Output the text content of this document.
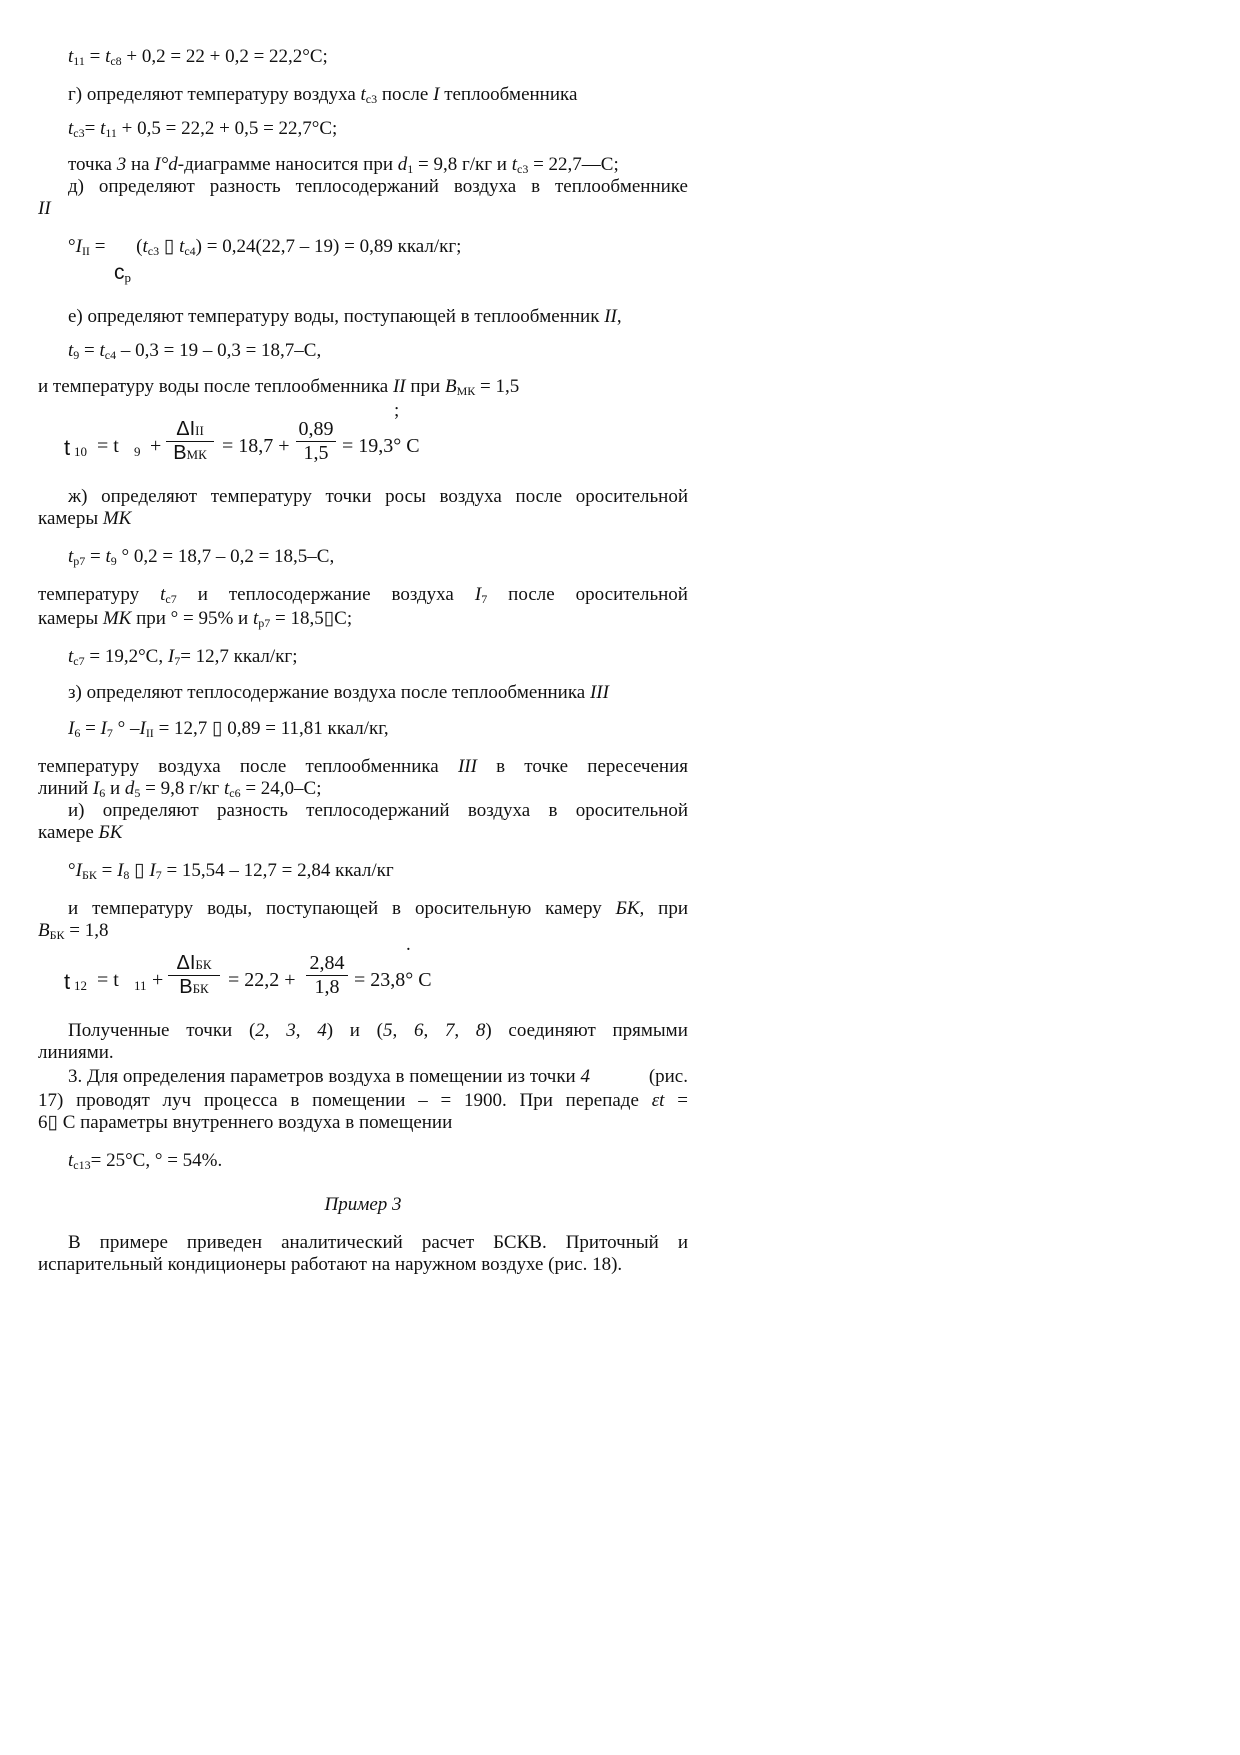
$t_{11} = t_{c8} + 0,2 = 22 + 0,2 = 22,2^\circ C$;
г) определяют температуру воздуха $t_{c3}$ после I теплообменника
$t_{c3}= t_{11} + 0,5 = 22,2 + 0,5 = 22,7^\circ C$;
точка 3 на I°d-диаграмме наносится при $d_1 = 9,8$ г/кг и $t_{c3}$ = 22,7—C;
д) определяют разность теплосодержаний воздуха в теплообменнике
II
$^\circ I_{II} = (t_{c3}$ ▯ $t_{c4}) = 0,24(22,7 - 19) = 0,89$ ккал/кг;
$c_p$
е) определяют температуру воды, поступающей в теплообменник II,
$t_9 = t_{c4} - 0,3 = 19 - 0,3 = 18,7-C$,
и температуру воды после теплообменника II при $B_{МК} = 1,5$
;
t 10 = t 9 +
ΔIII
BМК = 18,7 +
0,89
1,5 = 19,3° C
ж) определяют температуру точки росы воздуха после оросительной
камеры МК
$t_{р7} = t_9$ ° 0,2 = 18,7 – 0,2 = 18,5–C,
температуру $t_{c7}$ и теплосодержание воздуха $I_7$ после оросительной
камеры МК при ° = 95% и $t_{р7}$ = 18,5▯C;
$t_{c7} = 19,2^\circ C$, $I_7= 12,7$ ккал/кг;
з) определяют теплосодержание воздуха после теплообменника III
$I_6 = I_7$ ° $-I_{II} = 12,7$ ▯ 0,89 = 11,81 ккал/кг,
температуру воздуха после теплообменника III в точке пересечения
линий $I_6$ и $d_5 = 9,8$ г/кг $t_{c6} = 24,0-C$;
и) определяют разность теплосодержаний воздуха в оросительной
камере БК
$^\circ I_{БК} = I_8$ ▯ $I_7 = 15,54 - 12,7 = 2,84$ ккал/кг
и температуру воды, поступающей в оросительную камеру БК, при
$B_{БК} = 1,8$
.
t 12 = t 11 +
ΔIБК
BБК = 22,2 +
2,84
1,8 = 23,8° C
Полученные точки (2, 3, 4) и (5, 6, 7, 8) соединяют прямыми
линиями.
3. Для определения параметров воздуха в помещении из точки 4	(рис.
17) проводят луч процесса в помещении – = 1900. При перепаде εt =
6▯ C параметры внутреннего воздуха в помещении
$t_{c13}= 25^\circ C$, ° = 54%.
Пример 3
В примере приведен аналитический расчет БСКВ. Приточный и
испарительный кондиционеры работают на наружном воздухе (рис. 18).
